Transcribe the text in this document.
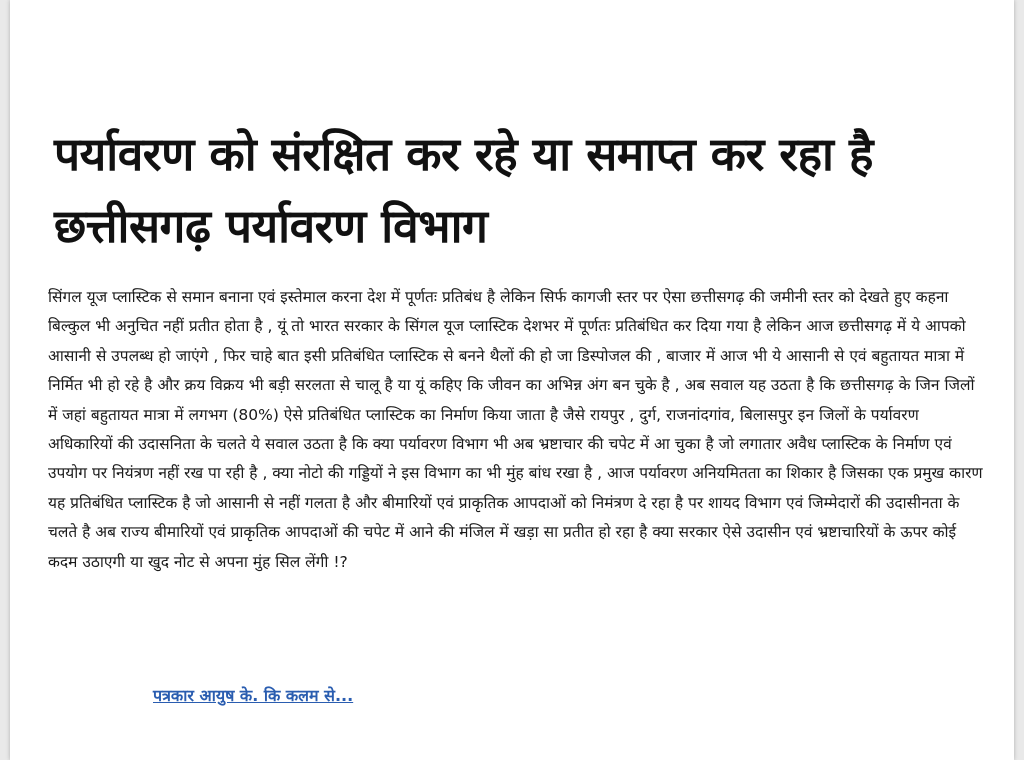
पर्यावरण को संरक्षित कर रहे या समाप्त कर रहा है छत्तीसगढ़ पर्यावरण विभाग

सिंगल यूज प्लास्टिक से समान बनाना एवं इस्तेमाल करना देश में पूर्णतः प्रतिबंध है लेकिन सिर्फ कागजी स्तर पर ऐसा छत्तीसगढ़ की जमीनी स्तर को देखते हुए कहना बिल्कुल भी अनुचित नहीं प्रतीत होता है , यूं तो भारत सरकार के सिंगल यूज प्लास्टिक देशभर में पूर्णतः प्रतिबंधित कर दिया गया है लेकिन आज छत्तीसगढ़ में ये आपको आसानी से उपलब्ध हो जाएंगे , फिर चाहे बात इसी प्रतिबंधित प्लास्टिक से बनने थैलों की हो जा डिस्पोजल की , बाजार में आज भी ये आसानी से एवं बहुतायत मात्रा में निर्मित भी हो रहे है और क्रय विक्रय भी बड़ी सरलता से चालू है या यूं कहिए कि जीवन का अभिन्न अंग बन चुके है , अब सवाल यह उठता है कि छत्तीसगढ़ के जिन जिलों में जहां बहुतायत मात्रा में लगभग (80%) ऐसे प्रतिबंधित प्लास्टिक का निर्माण किया जाता है जैसे रायपुर , दुर्ग, राजनांदगांव, बिलासपुर इन जिलों के पर्यावरण अधिकारियों की उदासनिता के चलते ये सवाल उठता है कि क्या पर्यावरण विभाग भी अब भ्रष्टाचार की चपेट में आ चुका है जो लगातार अवैध प्लास्टिक के निर्माण एवं उपयोग पर नियंत्रण नहीं रख पा रही है , क्या नोटो की गड्डियों ने इस विभाग का भी मुंह बांध रखा है , आज पर्यावरण अनियमितता का शिकार है जिसका एक प्रमुख कारण यह प्रतिबंधित प्लास्टिक है जो आसानी से नहीं गलता है और बीमारियों एवं प्राकृतिक आपदाओं को निमंत्रण दे रहा है पर शायद विभाग एवं जिम्मेदारों की उदासीनता के चलते है अब राज्य बीमारियों एवं प्राकृतिक आपदाओं की चपेट में आने की मंजिल में खड़ा सा प्रतीत हो रहा है क्या सरकार ऐसे उदासीन एवं भ्रष्टाचारियों के ऊपर कोई कदम उठाएगी या खुद नोट से अपना मुंह सिल लेंगी !?

पत्रकार आयुष के. कि कलम से...
